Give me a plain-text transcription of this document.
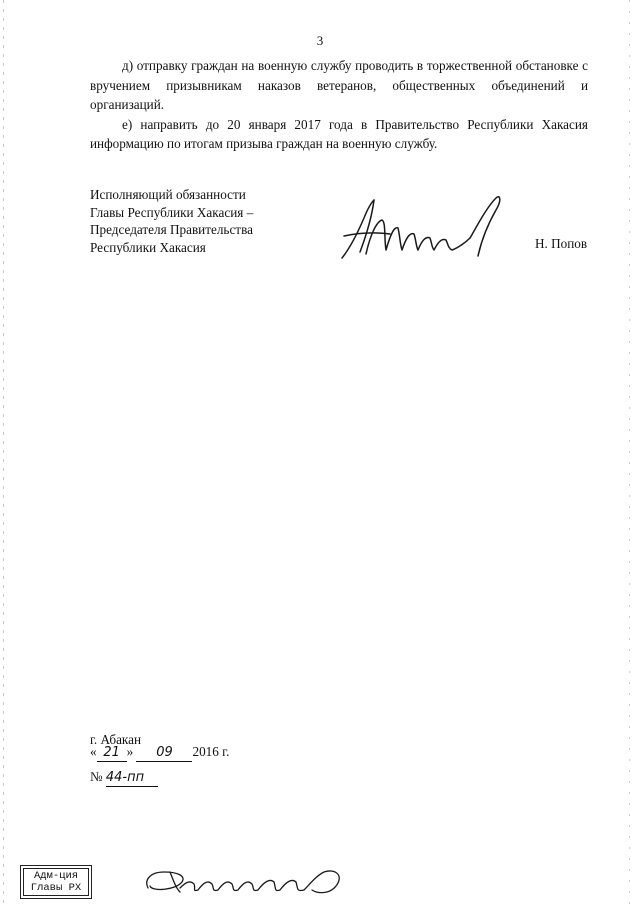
3

д) отправку граждан на военную службу проводить в торжественной обстановке с вручением призывникам наказов ветеранов, общественных объединений и организаций.

е) направить до 20 января 2017 года в Правительство Республики Хакасия информацию по итогам призыва граждан на военную службу.

Исполняющий обязанности
Главы Республики Хакасия –
Председателя Правительства
Республики Хакасия	Н. Попов
г. Абакан
« 21 » 09 2016 г.
№ 44-пп
Адм-ция
Главы РХ
